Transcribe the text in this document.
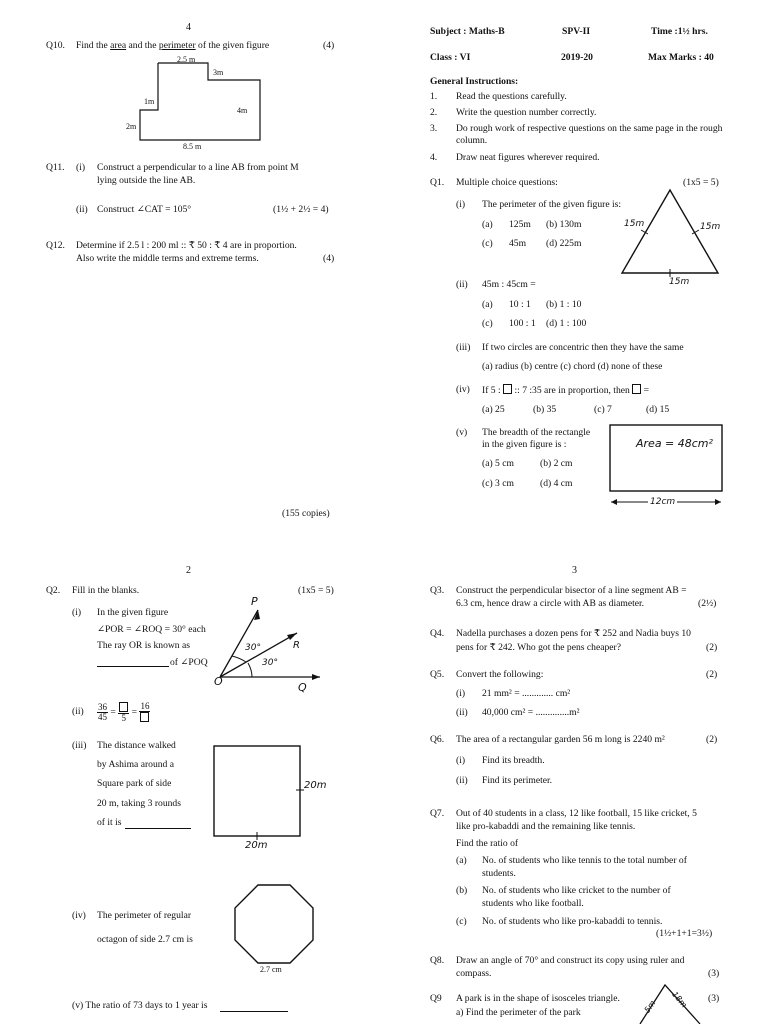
4
Q10. Find the area and the perimeter of the given figure	(4)
2.5 m
3m
1m
4m
2m
8.5 m
Q11. (i) Construct a perpendicular to a line AB from point M
lying outside the line AB.
(ii) Construct ∠CAT = 105°	(1½ + 2½ = 4)
Q12. Determine if 2.5 l : 200 ml :: ₹ 50 : ₹ 4 are in proportion.
Also write the middle terms and extreme terms.	(4)
(155 copies)
Subject : Maths-B	SPV-II	Time :1½ hrs.
Class : VI	2019-20	Max Marks : 40
General Instructions:
1. Read the questions carefully.
2. Write the question number correctly.
3. Do rough work of respective questions on the same page in the rough column.
4. Draw neat figures wherever required.
Q1. Multiple choice questions:	(1x5 = 5)
(i) The perimeter of the given figure is:
(a) 125m (b) 130m
(c) 45m (d) 225m
15m	15m
15m
(ii) 45m : 45cm =
(a) 10 : 1 (b) 1 : 10
(c) 100 : 1 (d) 1 : 100
(iii) If two circles are concentric then they have the same
(a) radius (b) centre (c) chord (d) none of these
(iv) If 5 :  :: 7 :35 are in proportion, then  =
(a) 25	(b) 35	(c) 7	(d) 15
(v) The breadth of the rectangle
in the given figure is :
(a) 5 cm	(b) 2 cm
(c) 3 cm	(d) 4 cm
Area = 48cm²
12cm
2
Q2. Fill in the blanks.	(1x5 = 5)
(i) In the given figure
∠POR = ∠ROQ = 30° each
The ray OR is known as
of ∠POQ
P
R
Q
O
30°
30°
$(ii) \frac{36}{45}$ =
5
=
16
(iii) The distance walked
by Ashima around a
Square park of side
20 m, taking 3 rounds
of it is
20m
20m
(iv) The perimeter of regular
octagon of side 2.7 cm is
2.7 cm
(v) The ratio of 73 days to 1 year is
3
Q3. Construct the perpendicular bisector of a line segment AB =
6.3 cm, hence draw a circle with AB as diameter.	(2½)
Q4. Nadella purchases a dozen pens for ₹ 252 and Nadia buys 10
pens for ₹ 242. Who got the pens cheaper?	(2)
Q5. Convert the following:	(2)
(i) 21 mm² = ............. cm²
(ii) 40,000 cm² = ..............m²
Q6. The area of a rectangular garden 56 m long is 2240 m²	(2)
(i) Find its breadth.
(ii) Find its perimeter.
Q7. Out of 40 students in a class, 12 like football, 15 like cricket, 5
like pro-kabaddi and the remaining like tennis.
Find the ratio of
(a) No. of students who like tennis to the total number of
students.
(b) No. of students who like cricket to the number of
students who like football.
(c) No. of students who like pro-kabaddi to tennis.
(1½+1+1=3½)
Q8. Draw an angle of 70° and construct its copy using ruler and
compass.	(3)
Q9 A park is in the shape of isosceles triangle.	(3)
a) Find the perimeter of the park	5m 18m
